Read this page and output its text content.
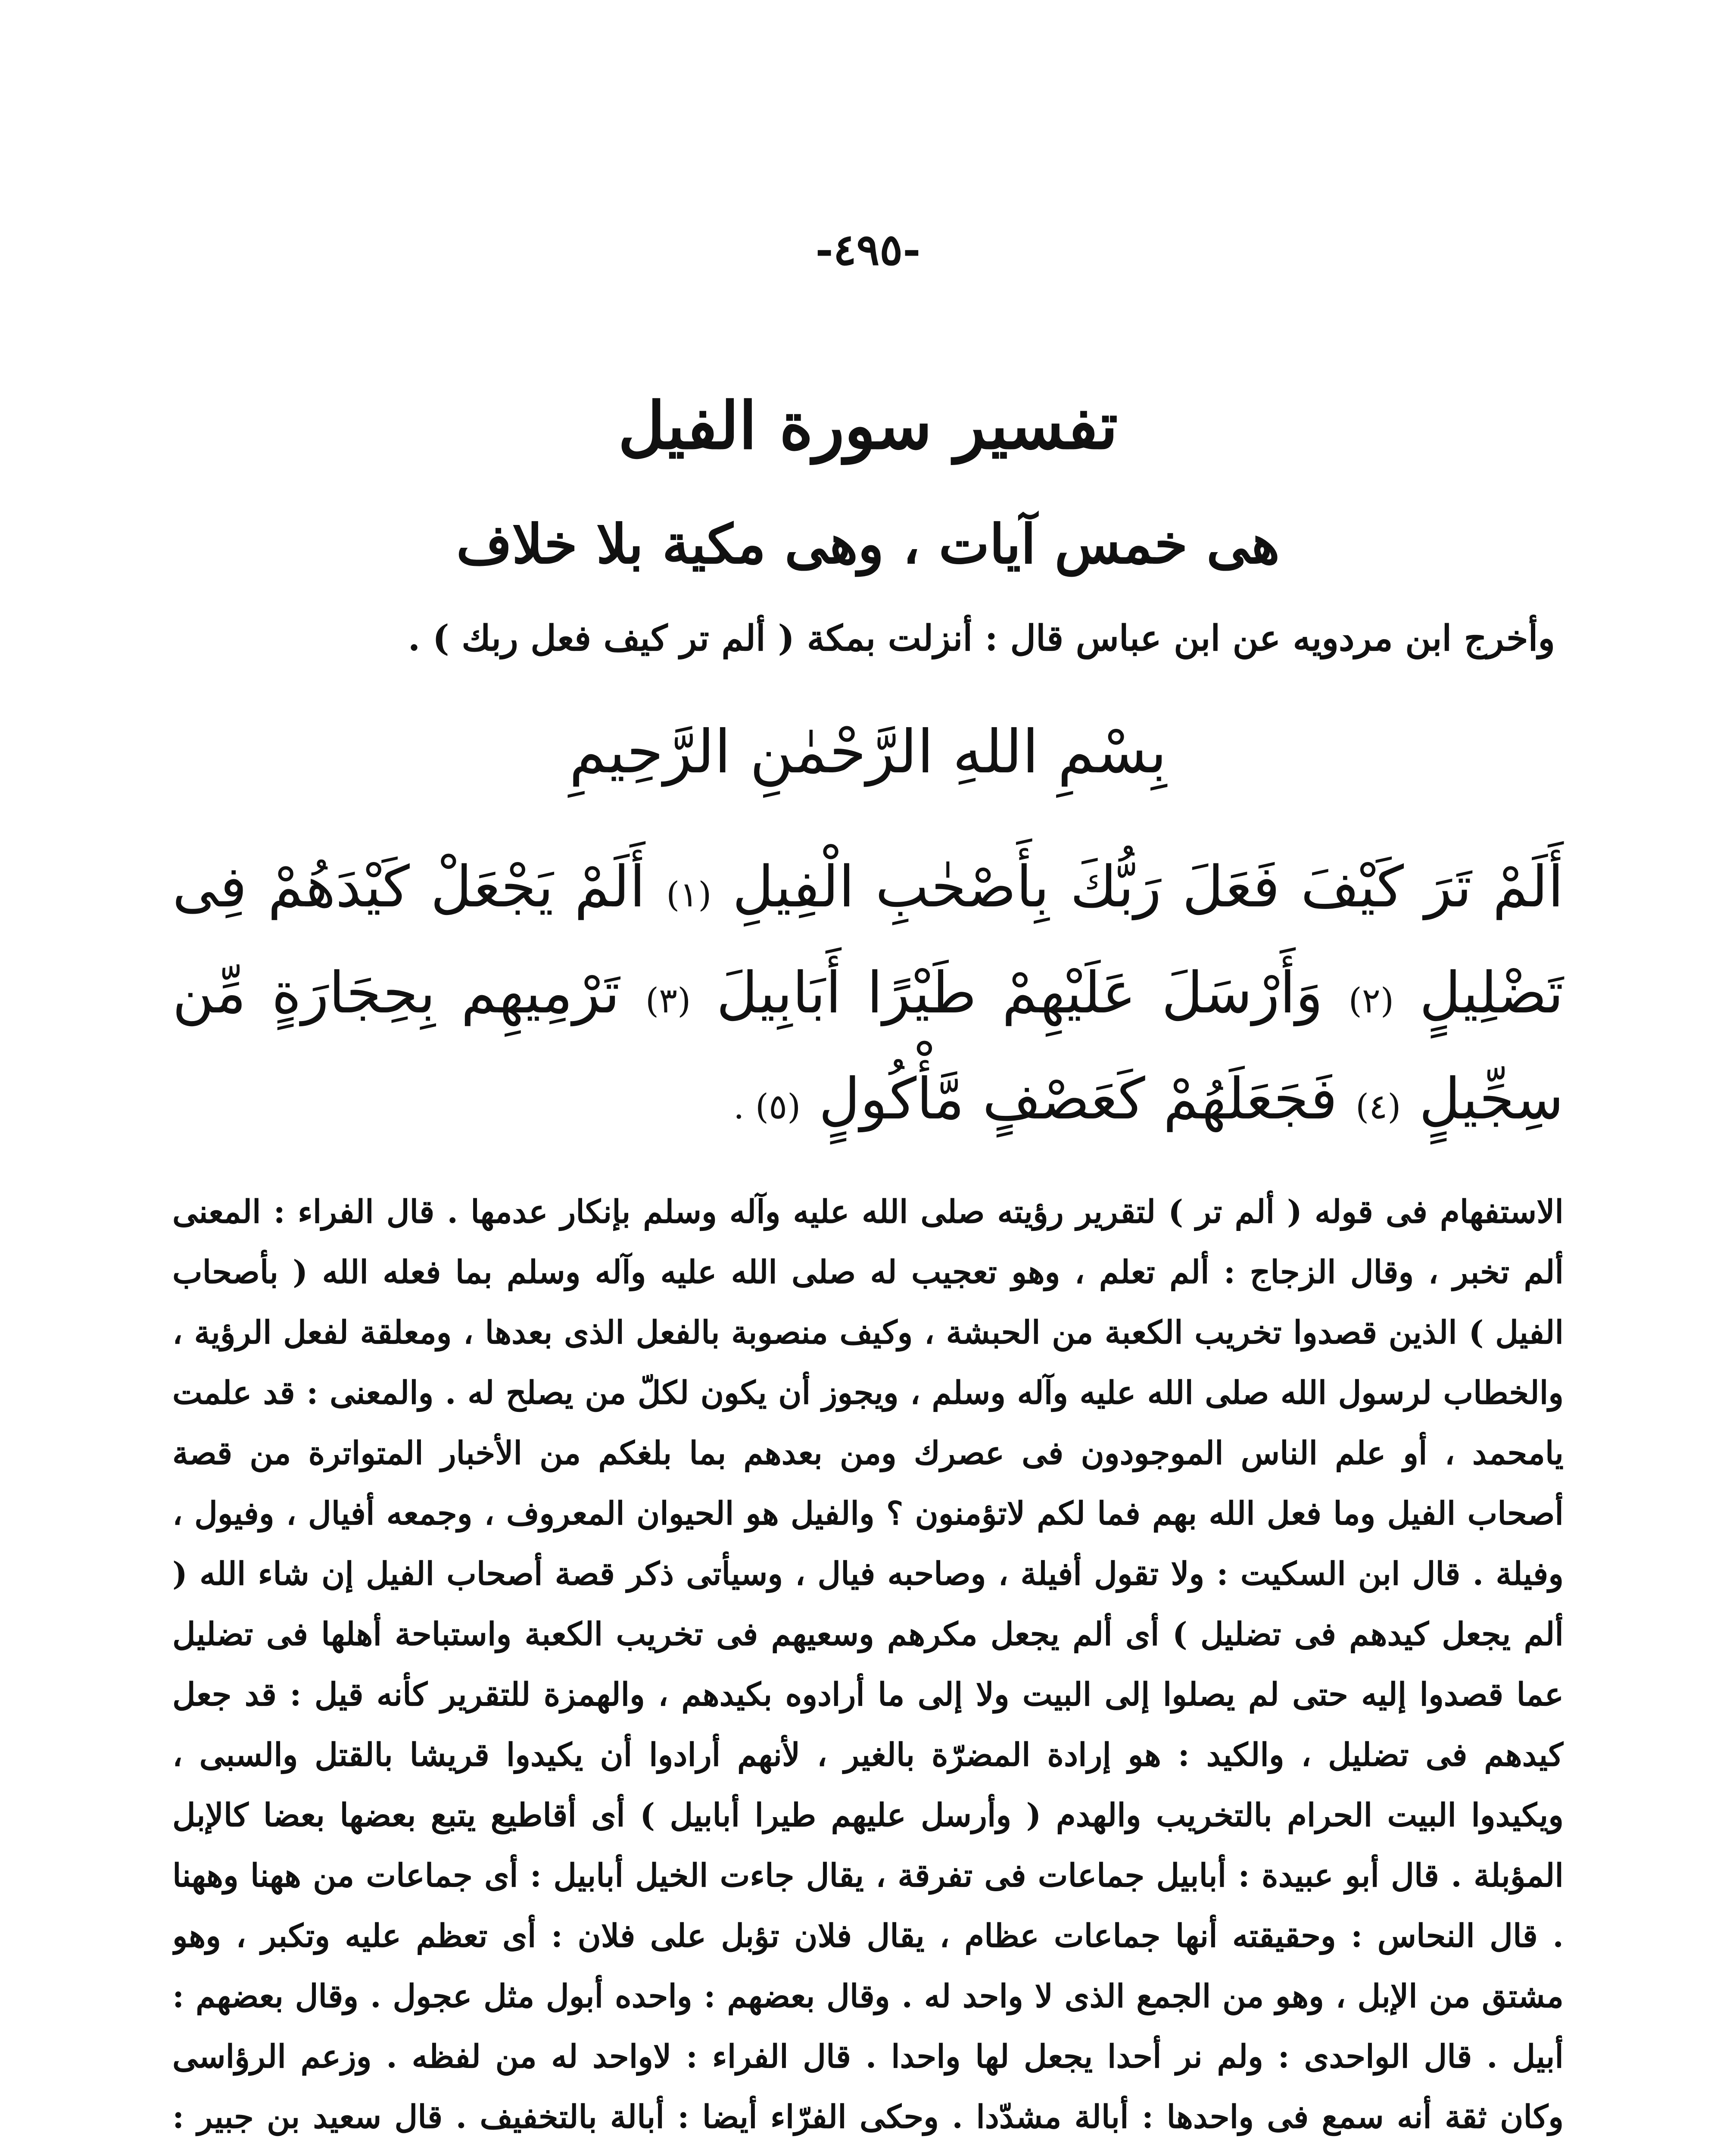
-٤٩٥-
تفسير سورة الفيل
هى خمس آيات ، وهى مكية بلا خلاف

وأخرج ابن مردويه عن ابن عباس قال : أنزلت بمكة ( ألم تر كيف فعل ربك ) .

بِسْمِ اللهِ الرَّحْمٰنِ الرَّحِيمِ
أَلَمْ تَرَ كَيْفَ فَعَلَ رَبُّكَ بِأَصْحٰبِ الْفِيلِ (١) أَلَمْ يَجْعَلْ كَيْدَهُمْ فِى تَضْلِيلٍ (٢) وَأَرْسَلَ عَلَيْهِمْ طَيْرًا أَبَابِيلَ (٣) تَرْمِيهِم بِحِجَارَةٍ مِّن سِجِّيلٍ (٤) فَجَعَلَهُمْ كَعَصْفٍ مَّأْكُولٍ (٥) .

الاستفهام فى قوله ( ألم تر ) لتقرير رؤيته صلى الله عليه وآله وسلم بإنكار عدمها . قال الفراء : المعنى ألم تخبر ، وقال الزجاج : ألم تعلم ، وهو تعجيب له صلى الله عليه وآله وسلم بما فعله الله ( بأصحاب الفيل ) الذين قصدوا تخريب الكعبة من الحبشة ، وكيف منصوبة بالفعل الذى بعدها ، ومعلقة لفعل الرؤية ، والخطاب لرسول الله صلى الله عليه وآله وسلم ، ويجوز أن يكون لكلّ من يصلح له . والمعنى : قد علمت يامحمد ، أو علم الناس الموجودون فى عصرك ومن بعدهم بما بلغكم من الأخبار المتواترة من قصة أصحاب الفيل وما فعل الله بهم فما لكم لاتؤمنون ؟ والفيل هو الحيوان المعروف ، وجمعه أفيال ، وفيول ، وفيلة . قال ابن السكيت : ولا تقول أفيلة ، وصاحبه فيال ، وسيأتى ذكر قصة أصحاب الفيل إن شاء الله ( ألم يجعل كيدهم فى تضليل ) أى ألم يجعل مكرهم وسعيهم فى تخريب الكعبة واستباحة أهلها فى تضليل عما قصدوا إليه حتى لم يصلوا إلى البيت ولا إلى ما أرادوه بكيدهم ، والهمزة للتقرير كأنه قيل : قد جعل كيدهم فى تضليل ، والكيد : هو إرادة المضرّة بالغير ، لأنهم أرادوا أن يكيدوا قريشا بالقتل والسبى ، ويكيدوا البيت الحرام بالتخريب والهدم ( وأرسل عليهم طيرا أبابيل ) أى أقاطيع يتبع بعضها بعضا كالإبل المؤبلة . قال أبو عبيدة : أبابيل جماعات فى تفرقة ، يقال جاءت الخيل أبابيل : أى جماعات من ههنا وههنا . قال النحاس : وحقيقته أنها جماعات عظام ، يقال فلان تؤبل على فلان : أى تعظم عليه وتكبر ، وهو مشتق من الإبل ، وهو من الجمع الذى لا واحد له . وقال بعضهم : واحده أبول مثل عجول . وقال بعضهم : أبيل . قال الواحدى : ولم نر أحدا يجعل لها واحدا . قال الفراء : لاواحد له من لفظه . وزعم الرؤاسى وكان ثقة أنه سمع فى واحدها : أبالة مشدّدا . وحكى الفرّاء أيضا : أبالة بالتخفيف . قال سعيد بن جبير :
